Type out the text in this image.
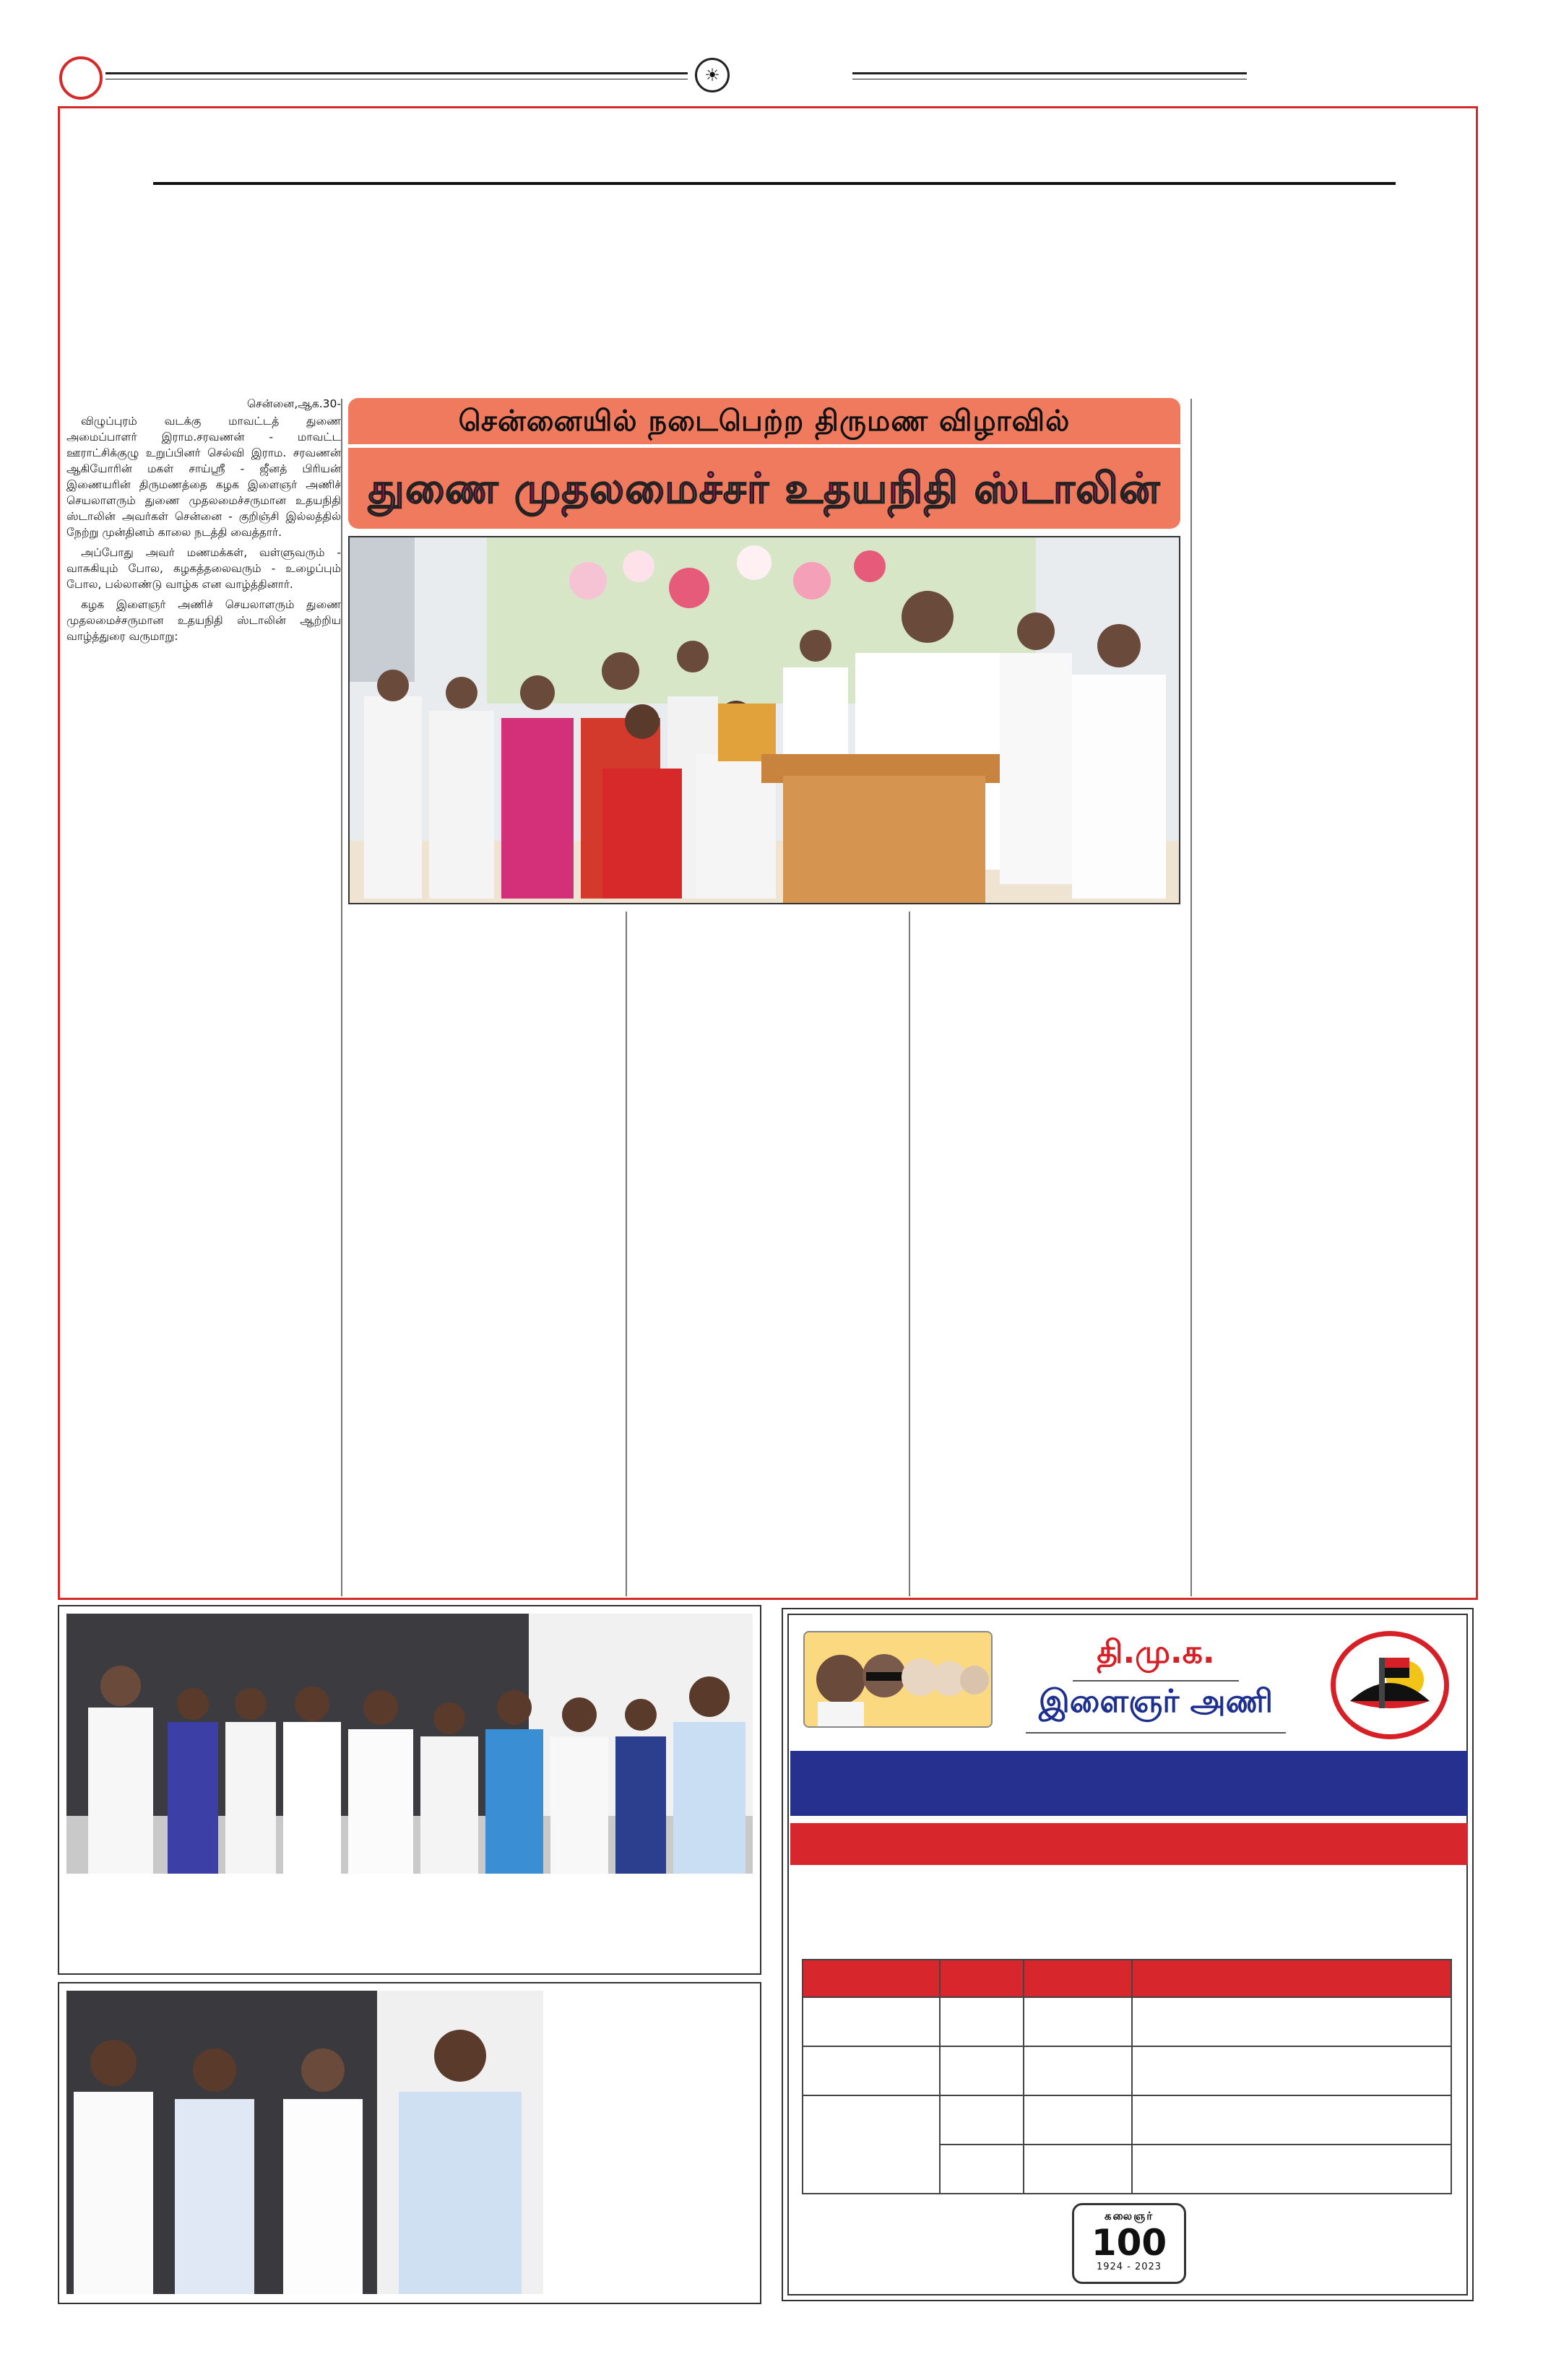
☀

சென்னை,ஆக.30-

விழுப்புரம் வடக்கு மாவட்டத் துணை அமைப்பாளர் இராம.சரவணன் - மாவட்ட ஊராட்சிக்குழு உறுப்பினர் செல்வி இராம. சரவணன் ஆகியோரின் மகள் சாய்ஸ்ரீ - ஜீனத் பிரியன் இணையரின் திருமணத்தை கழக இளைஞர் அணிச் செயலாளரும் துணை முதலமைச்சருமான உதயநிதி ஸ்டாலின் அவர்கள் சென்னை - குறிஞ்சி இல்லத்தில் நேற்று முன்தினம் காலை நடத்தி வைத்தார்.

அப்போது அவர் மணமக்கள், வள்ளுவரும் - வாசுகியும் போல, கழகத்தலைவரும் - உழைப்பும் போல, பல்லாண்டு வாழ்க என வாழ்த்தினார்.

கழக இளைஞர் அணிச் செயலாளரும் துணை முதலமைச்சருமான உதயநிதி ஸ்டாலின் ஆற்றிய வாழ்த்துரை வருமாறு:

சென்னையில் நடைபெற்ற திருமண விழாவில்
துணை முதலமைச்சர் உதயநிதி ஸ்டாலின்
தி.மு.க.
இளைஞர் அணி

கலைஞர்
100
1924 - 2023
